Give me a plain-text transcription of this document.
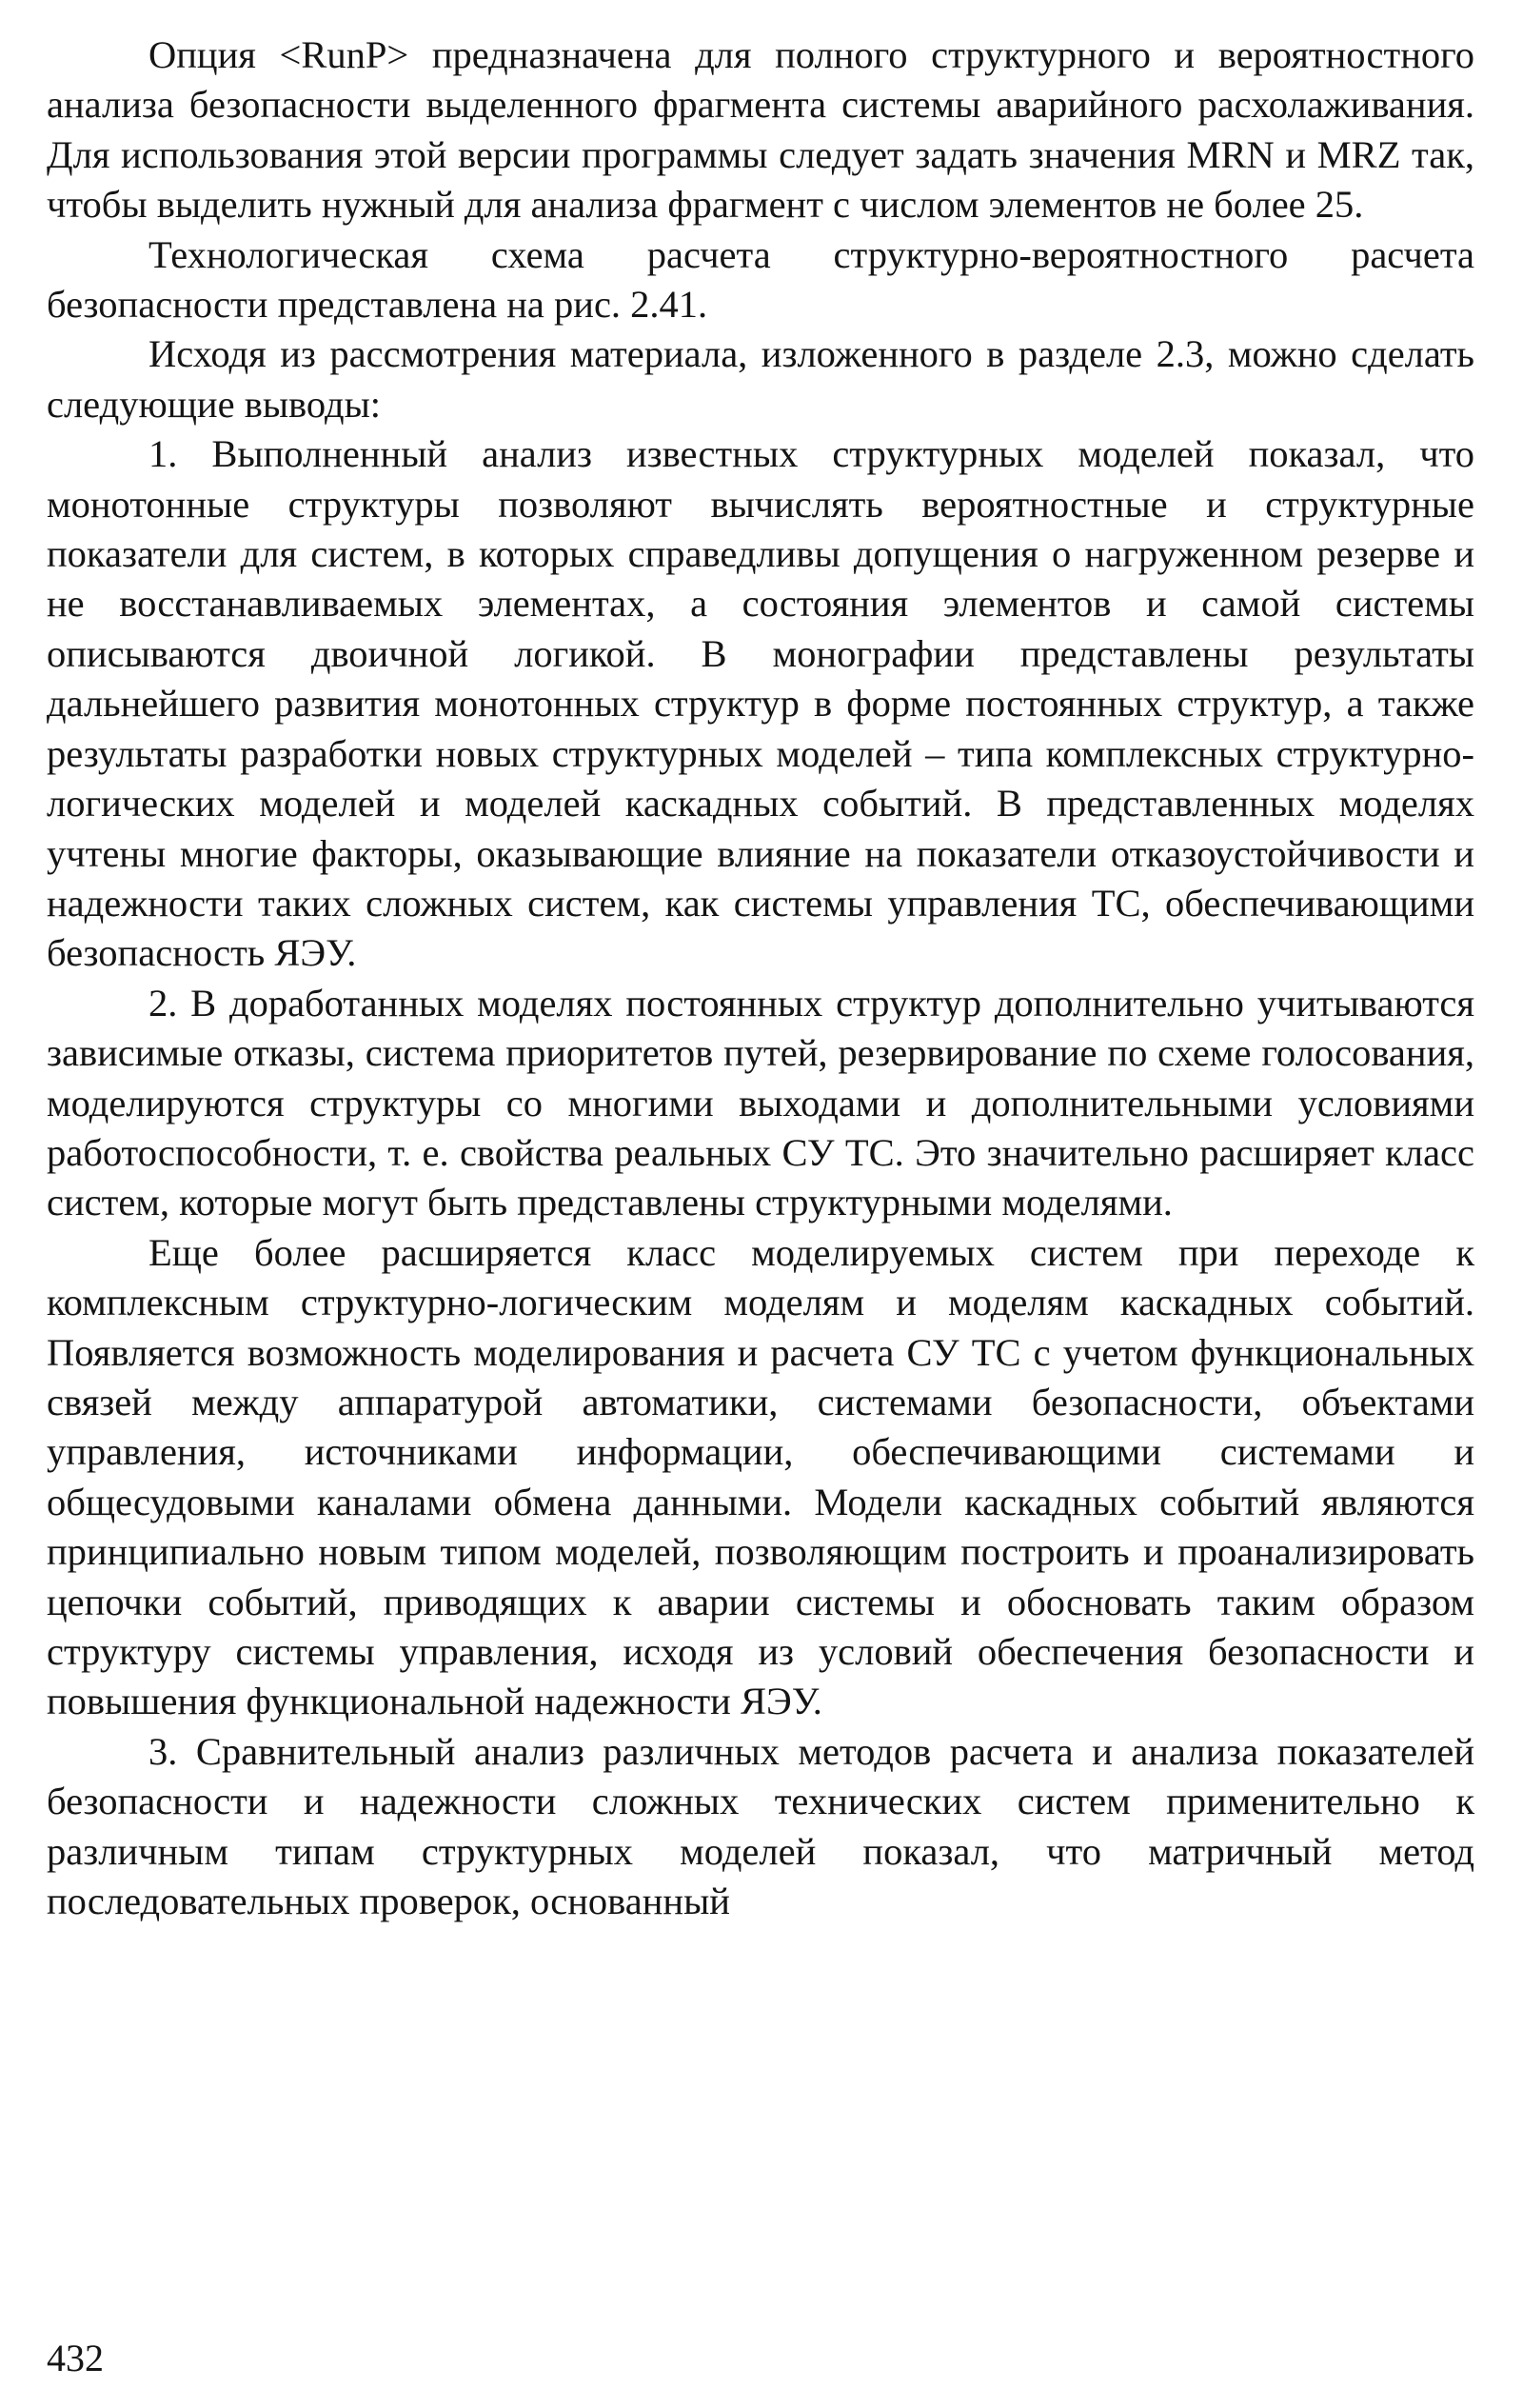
Опция <RunP> предназначена для полного структурного и вероятностного анализа безопасности выделенного фрагмента системы аварийного расхолаживания. Для использования этой версии программы следует задать значения MRN и MRZ так, чтобы выделить нужный для анализа фрагмент с числом элементов не более 25.

Технологическая схема расчета структурно-вероятностного расчета безопасности представлена на рис. 2.41.

Исходя из рассмотрения материала, изложенного в разделе 2.3, можно сделать следующие выводы:

1. Выполненный анализ известных структурных моделей показал, что монотонные структуры позволяют вычислять вероятностные и структурные показатели для систем, в которых справедливы допущения о нагруженном резерве и не восстанавливаемых элементах, а состояния элементов и самой системы описываются двоичной логикой. В монографии представлены результаты дальнейшего развития монотонных структур в форме постоянных структур, а также результаты разработки новых структурных моделей – типа комплексных структурно-логических моделей и моделей каскадных событий. В представленных моделях учтены многие факторы, оказывающие влияние на показатели отказоустойчивости и надежности таких сложных систем, как системы управления ТС, обеспечивающими безопасность ЯЭУ.

2. В доработанных моделях постоянных структур дополнительно учитываются зависимые отказы, система приоритетов путей, резервирование по схеме голосования, моделируются структуры со многими выходами и дополнительными условиями работоспособности, т. е. свойства реальных СУ ТС. Это значительно расширяет класс систем, которые могут быть представлены структурными моделями.

Еще более расширяется класс моделируемых систем при переходе к комплексным структурно-логическим моделям и моделям каскадных событий. Появляется возможность моделирования и расчета СУ ТС с учетом функциональных связей между аппаратурой автоматики, системами безопасности, объектами управления, источниками информации, обеспечивающими системами и общесудовыми каналами обмена данными. Модели каскадных событий являются принципиально новым типом моделей, позволяющим построить и проанализировать цепочки событий, приводящих к аварии системы и обосновать таким образом структуру системы управления, исходя из условий обеспечения безопасности и повышения функциональной надежности ЯЭУ.

3. Сравнительный анализ различных методов расчета и анализа показателей безопасности и надежности сложных технических систем применительно к различным типам структурных моделей показал, что матричный метод последовательных проверок, основанный

432
